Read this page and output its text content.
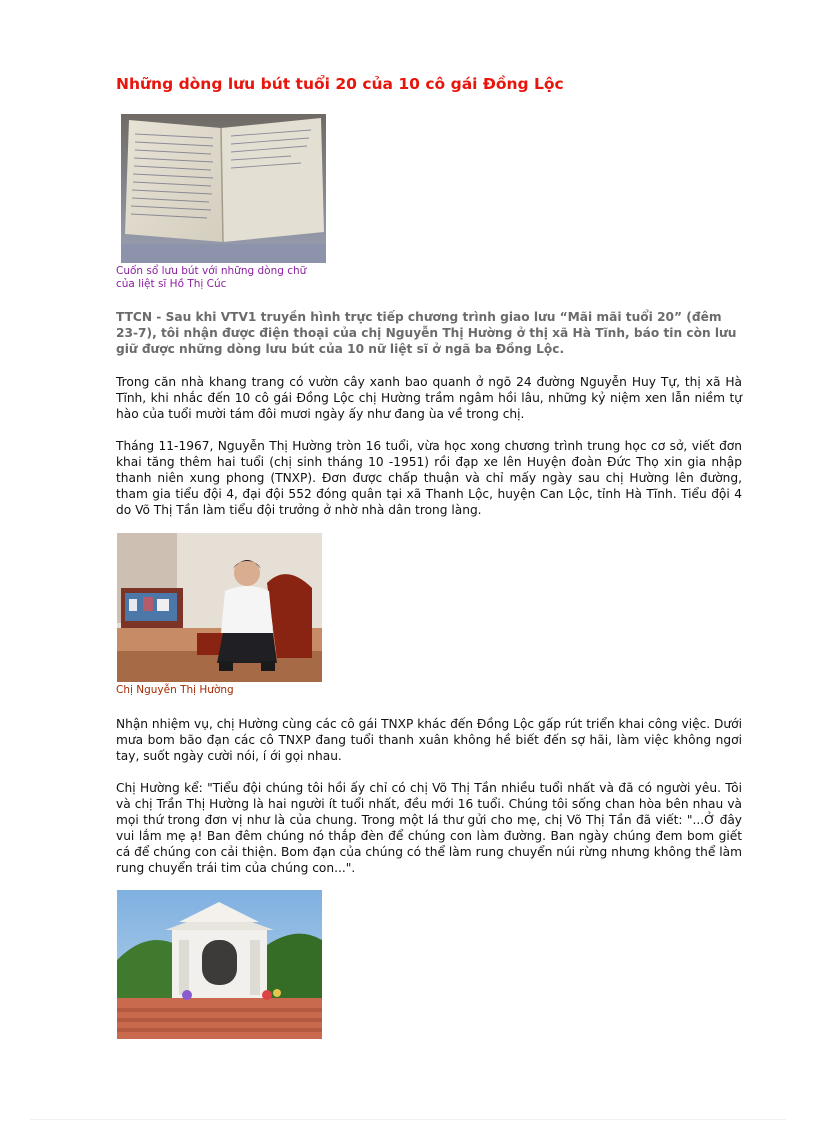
Những dòng lưu bút tuổi 20 của 10 cô gái Đồng Lộc

Cuốn sổ lưu bút với những dòng chữ của liệt sĩ Hồ Thị Cúc

TTCN - Sau khi VTV1 truyền hình trực tiếp chương trình giao lưu “Mãi mãi tuổi 20” (đêm 23-7), tôi nhận được điện thoại của chị Nguyễn Thị Hường ở thị xã Hà Tĩnh, báo tin còn lưu giữ được những dòng lưu bút của 10 nữ liệt sĩ ở ngã ba Đồng Lộc.

Trong căn nhà khang trang có vườn cây xanh bao quanh ở ngõ 24 đường Nguyễn Huy Tự, thị xã Hà Tĩnh, khi nhắc đến 10 cô gái Đồng Lộc chị Hường trầm ngâm hồi lâu, những kỷ niệm xen lẫn niềm tự hào của tuổi mười tám đôi mươi ngày ấy như đang ùa về trong chị.

Tháng 11-1967, Nguyễn Thị Hường tròn 16 tuổi, vừa học xong chương trình trung học cơ sở, viết đơn khai tăng thêm hai tuổi (chị sinh tháng 10 -1951) rồi đạp xe lên Huyện đoàn Đức Thọ xin gia nhập thanh niên xung phong (TNXP). Đơn được chấp thuận và chỉ mấy ngày sau chị Hường lên đường, tham gia tiểu đội 4, đại đội 552 đóng quân tại xã Thanh Lộc, huyện Can Lộc, tỉnh Hà Tĩnh. Tiểu đội 4 do Võ Thị Tần làm tiểu đội trưởng ở nhờ nhà dân trong làng.

Chị Nguyễn Thị Hường

Nhận nhiệm vụ, chị Hường cùng các cô gái TNXP khác đến Đồng Lộc gấp rút triển khai công việc. Dưới mưa bom bão đạn các cô TNXP đang tuổi thanh xuân không hề biết đến sợ hãi, làm việc không ngơi tay, suốt ngày cười nói, í ới gọi nhau.

Chị Hường kể: "Tiểu đội chúng tôi hồi ấy chỉ có chị Võ Thị Tần nhiều tuổi nhất và đã có người yêu. Tôi và chị Trần Thị Hường là hai người ít tuổi nhất, đều mới 16 tuổi. Chúng tôi sống chan hòa bên nhau và mọi thứ trong đơn vị như là của chung. Trong một lá thư gửi cho mẹ, chị Võ Thị Tần đã viết: "...Ở đây vui lắm mẹ ạ! Ban đêm chúng nó thắp đèn để chúng con làm đường. Ban ngày chúng đem bom giết cá để chúng con cải thiện. Bom đạn của chúng có thể làm rung chuyển núi rừng nhưng không thể làm rung chuyển trái tim của chúng con...".
